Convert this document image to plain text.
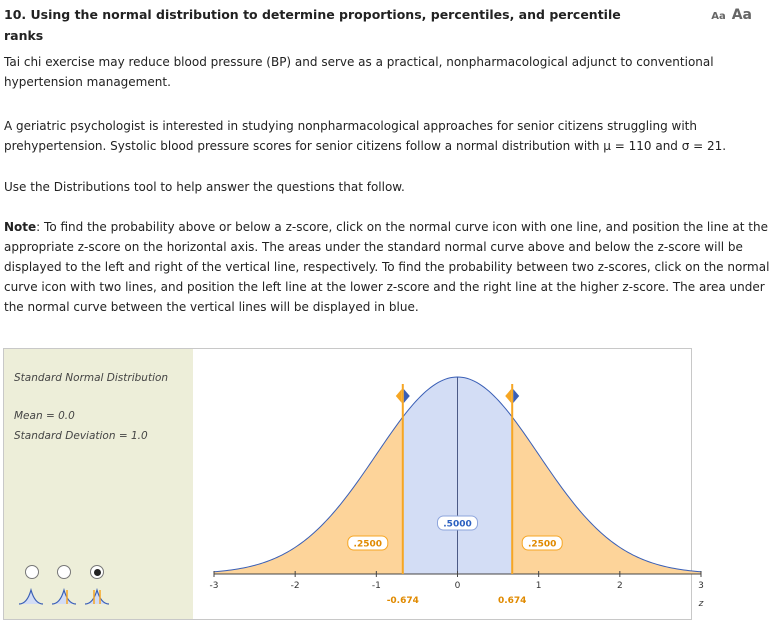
10. Using the normal distribution to determine proportions, percentiles, and percentile ranks
Aa Aa
Tai chi exercise may reduce blood pressure (BP) and serve as a practical, nonpharmacological adjunct to conventional hypertension management.
A geriatric psychologist is interested in studying nonpharmacological approaches for senior citizens struggling with prehypertension. Systolic blood pressure scores for senior citizens follow a normal distribution with μ = 110 and σ = 21.
Use the Distributions tool to help answer the questions that follow.
Note: To find the probability above or below a z-score, click on the normal curve icon with one line, and position the line at the appropriate z-score on the horizontal axis. The areas under the standard normal curve above and below the z-score will be displayed to the left and right of the vertical line, respectively. To find the probability between two z-scores, click on the normal curve icon with two lines, and position the left line at the lower z-score and the right line at the higher z-score. The area under the normal curve between the vertical lines will be displayed in blue.
Standard Normal Distribution
Mean = 0.0
Standard Deviation = 1.0
-3	-2	-1	0	1	2	3
z
.2500
.5000
.2500
-0.674	0.674
